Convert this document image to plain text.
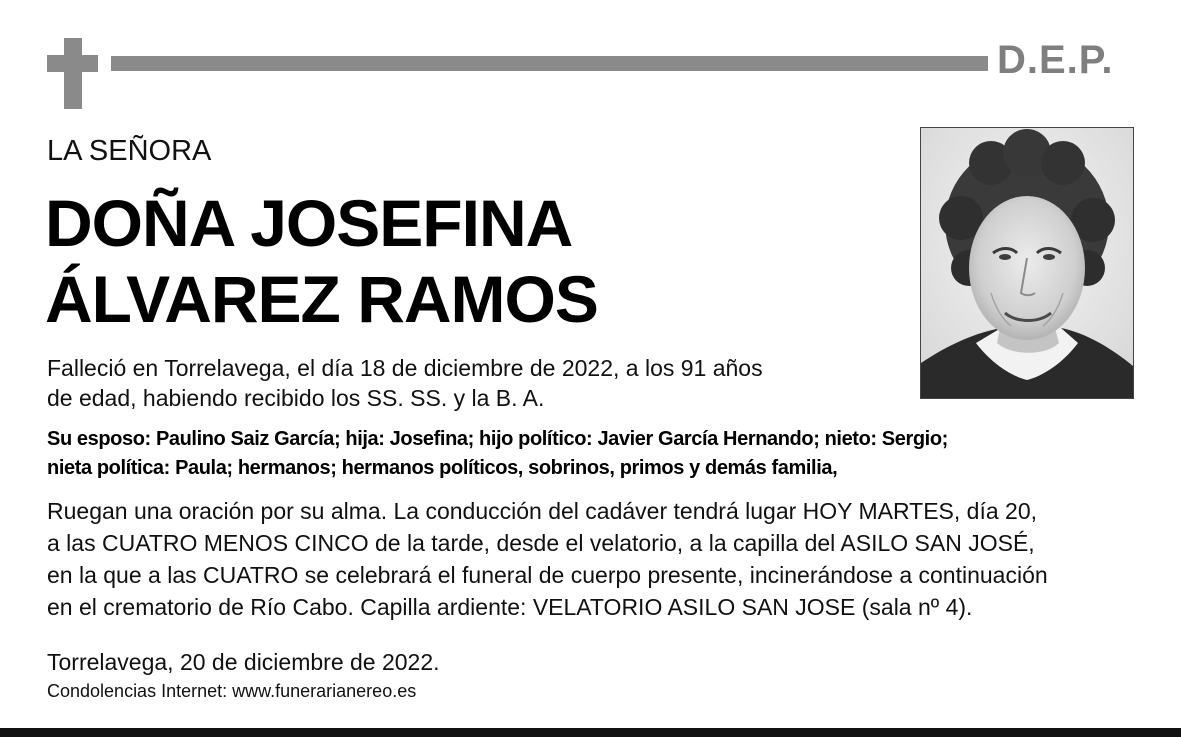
D.E.P.
LA SEÑORA
DOÑA JOSEFINA
ÁLVAREZ RAMOS
Falleció en Torrelavega, el día 18 de diciembre de 2022, a los 91 años
de edad, habiendo recibido los SS. SS. y la B. A.
Su esposo: Paulino Saiz García; hija: Josefina; hijo político: Javier García Hernando; nieto: Sergio;
nieta política: Paula; hermanos; hermanos políticos, sobrinos, primos y demás familia,
Ruegan una oración por su alma. La conducción del cadáver tendrá lugar HOY MARTES, día 20,
a las CUATRO MENOS CINCO de la tarde, desde el velatorio, a la capilla del ASILO SAN JOSÉ,
en la que a las CUATRO se celebrará el funeral de cuerpo presente, incinerándose a continuación
en el crematorio de Río Cabo. Capilla ardiente: VELATORIO ASILO SAN JOSE (sala nº 4).
Torrelavega, 20 de diciembre de 2022.
Condolencias Internet: www.funerarianereo.es
